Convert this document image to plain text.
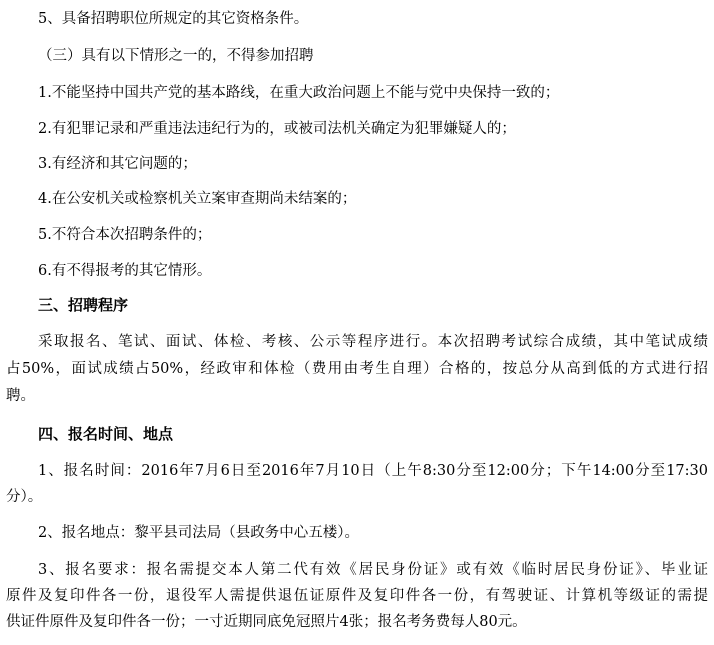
5、具备招聘职位所规定的其它资格条件。
（三）具有以下情形之一的，不得参加招聘
1.不能坚持中国共产党的基本路线，在重大政治问题上不能与党中央保持一致的；
2.有犯罪记录和严重违法违纪行为的，或被司法机关确定为犯罪嫌疑人的；
3.有经济和其它问题的；
4.在公安机关或检察机关立案审查期尚未结案的；
5.不符合本次招聘条件的；
6.有不得报考的其它情形。
三、招聘程序
采取报名、笔试、面试、体检、考核、公示等程序进行。本次招聘考试综合成绩，其中笔试成绩
占50%，面试成绩占50%，经政审和体检（费用由考生自理）合格的，按总分从高到低的方式进行招
聘。
四、报名时间、地点
1、报名时间：2016年7月6日至2016年7月10日（上午8:30分至12:00分；下午14:00分至17:30
分）。
2、报名地点：黎平县司法局（县政务中心五楼）。
3、报名要求：报名需提交本人第二代有效《居民身份证》或有效《临时居民身份证》、毕业证
原件及复印件各一份，退役军人需提供退伍证原件及复印件各一份，有驾驶证、计算机等级证的需提
供证件原件及复印件各一份；一寸近期同底免冠照片4张；报名考务费每人80元。
